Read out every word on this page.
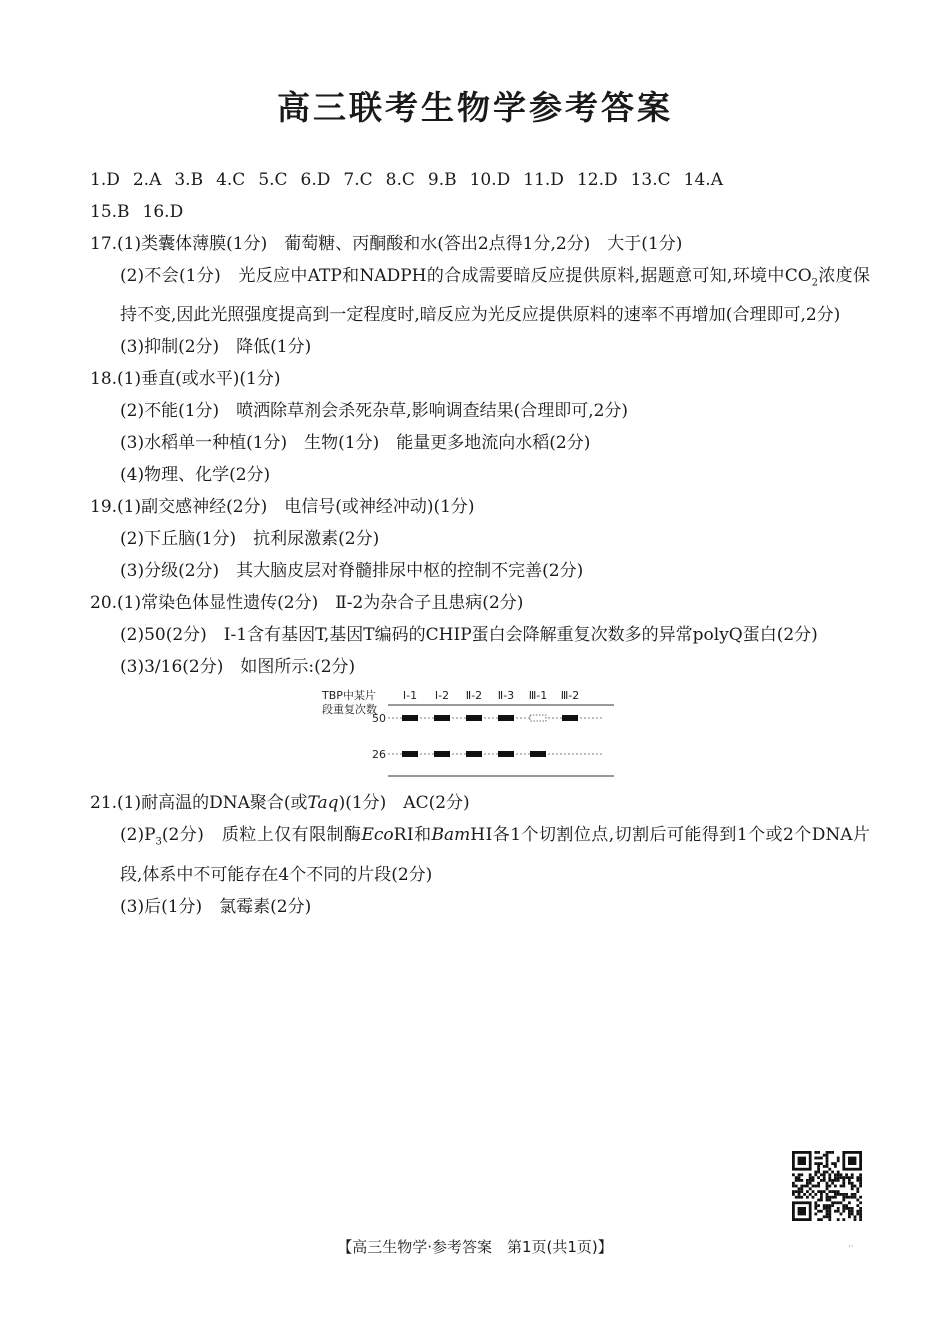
高三联考生物学参考答案
1.D 2.A 3.B 4.C 5.C 6.D 7.C 8.C 9.B 10.D 11.D 12.D 13.C 14.A
15.B 16.D
17.(1)类囊体薄膜(1分)　葡萄糖、丙酮酸和水(答出2点得1分,2分)　大于(1分)
(2)不会(1分)　光反应中ATP和NADPH的合成需要暗反应提供原料,据题意可知,环境中$CO_2$浓度保持不变,因此光照强度提高到一定程度时,暗反应为光反应提供原料的速率不再增加(合理即可,2分)
(3)抑制(2分)　降低(1分)
18.(1)垂直(或水平)(1分)
(2)不能(1分)　喷洒除草剂会杀死杂草,影响调查结果(合理即可,2分)
(3)水稻单一种植(1分)　生物(1分)　能量更多地流向水稻(2分)
(4)物理、化学(2分)
19.(1)副交感神经(2分)　电信号(或神经冲动)(1分)
(2)下丘脑(1分)　抗利尿激素(2分)
(3)分级(2分)　其大脑皮层对脊髓排尿中枢的控制不完善(2分)
20.(1)常染色体显性遗传(2分)　Ⅱ-2为杂合子且患病(2分)
(2)50(2分)　Ⅰ-1含有基因T,基因T编码的CHIP蛋白会降解重复次数多的异常polyQ蛋白(2分)
(3)3/16(2分)　如图所示:(2分)
TBP中某片
段重复次数
Ⅰ-1 Ⅰ-2 Ⅱ-2 Ⅱ-3 Ⅲ-1 Ⅲ-2
50
26
21.(1)耐高温的DNA聚合(或Taq)(1分)　AC(2分)
$(2)P_3(2$分)　质粒上仅有限制酶EcoRⅠ和BamHⅠ各1个切割位点,切割后可能得到1个或2个DNA片段,体系中不可能存在4个不同的片段(2分)
(3)后(1分)　氯霉素(2分)
【高三生物学·参考答案　第1页(共1页)】	··
